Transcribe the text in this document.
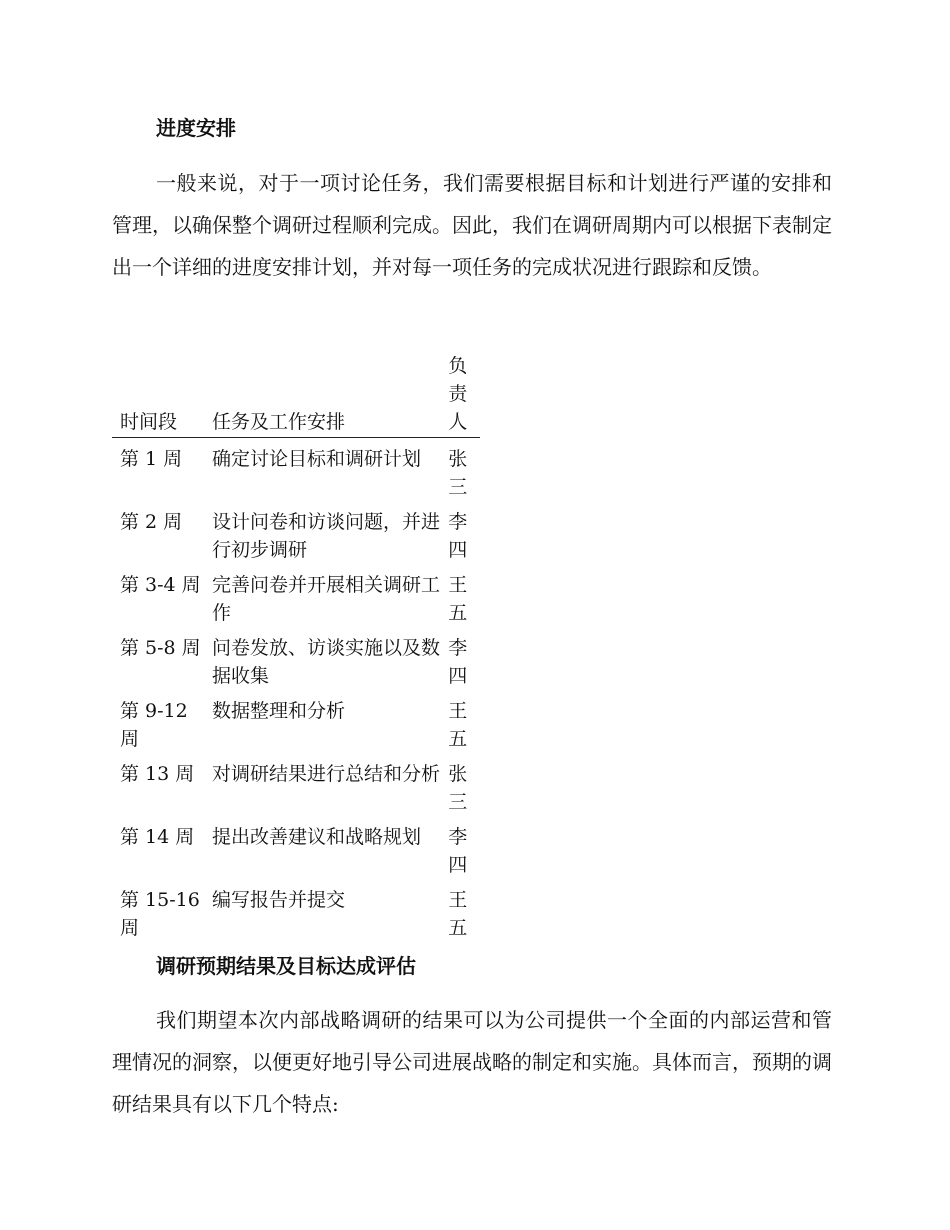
进度安排

一般来说，对于一项讨论任务，我们需要根据目标和计划进行严谨的安排和管理，以确保整个调研过程顺利完成。因此，我们在调研周期内可以根据下表制定出一个详细的进度安排计划，并对每一项任务的完成状况进行跟踪和反馈。

时间段	任务及工作安排	负责人
第 1 周	确定讨论目标和调研计划	张三
第 2 周	设计问卷和访谈问题，并进行初步调研	李四
第 3-4 周	完善问卷并开展相关调研工作	王五
第 5-8 周	问卷发放、访谈实施以及数据收集	李四
第 9-12 周	数据整理和分析	王五
第 13 周	对调研结果进行总结和分析	张三
第 14 周	提出改善建议和战略规划	李四
第 15-16 周	编写报告并提交	王五
调研预期结果及目标达成评估

我们期望本次内部战略调研的结果可以为公司提供一个全面的内部运营和管理情况的洞察，以便更好地引导公司进展战略的制定和实施。具体而言，预期的调研结果具有以下几个特点:
